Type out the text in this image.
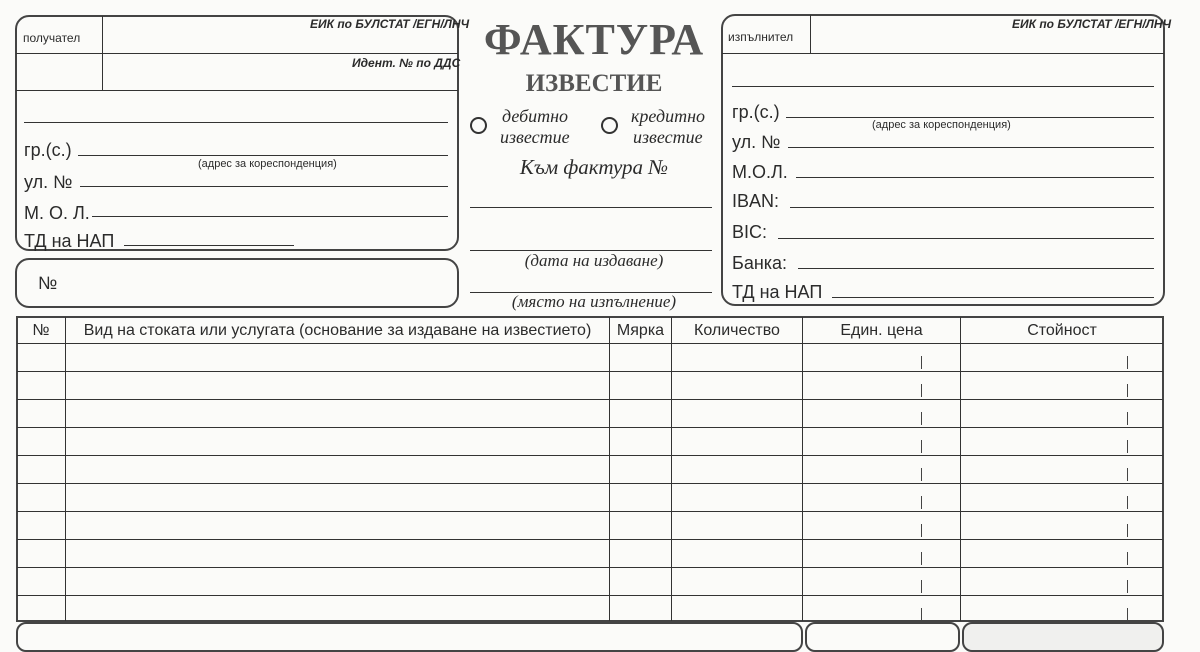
получател
ЕИК по БУЛСТАТ /ЕГН/ЛНЧ
Идент. № по ДДС
гр.(с.)
(адрес за кореспонденция)
ул. №
М. О. Л.
ТД на НАП
№
ФАКТУРА
ИЗВЕСТИЕ
дебитно
известие
кредитно
известие
Към фактура №
(дата на издаване)
(място на изпълнение)
изпълнител
ЕИК по БУЛСТАТ /ЕГН/ЛНЧ
гр.(с.)
(адрес за кореспонденция)
ул. №
М.О.Л.
IBAN:
BIC:
Банка:
ТД на НАП
№	Вид на стоката или услугата (основание за издаване на известието)	Мярка	Количество	Един. цена	Стойност
